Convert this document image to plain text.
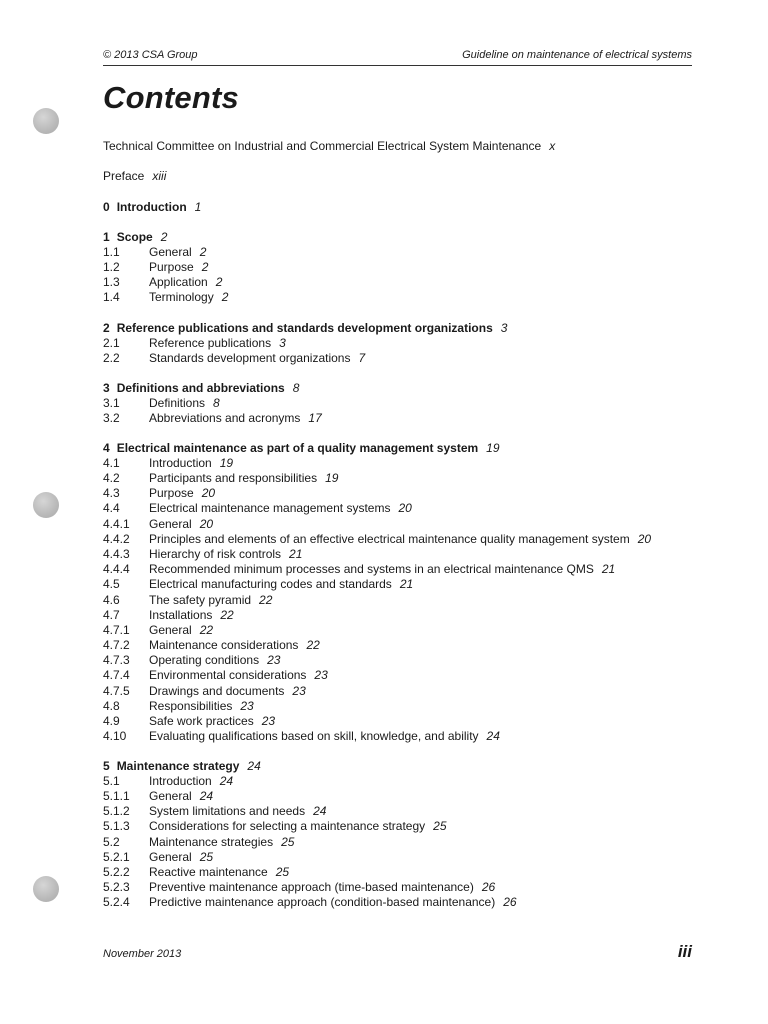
© 2013 CSA Group	Guideline on maintenance of electrical systems
Contents
Technical Committee on Industrial and Commercial Electrical System Maintenance x
Preface xiii
0 Introduction 1
1 Scope 2
1.1 General 2
1.2 Purpose 2
1.3 Application 2
1.4 Terminology 2
2 Reference publications and standards development organizations 3
2.1 Reference publications 3
2.2 Standards development organizations 7
3 Definitions and abbreviations 8
3.1 Definitions 8
3.2 Abbreviations and acronyms 17
4 Electrical maintenance as part of a quality management system 19
4.1 Introduction 19
4.2 Participants and responsibilities 19
4.3 Purpose 20
4.4 Electrical maintenance management systems 20
4.4.1 General 20
4.4.2 Principles and elements of an effective electrical maintenance quality management system 20
4.4.3 Hierarchy of risk controls 21
4.4.4 Recommended minimum processes and systems in an electrical maintenance QMS 21
4.5 Electrical manufacturing codes and standards 21
4.6 The safety pyramid 22
4.7 Installations 22
4.7.1 General 22
4.7.2 Maintenance considerations 22
4.7.3 Operating conditions 23
4.7.4 Environmental considerations 23
4.7.5 Drawings and documents 23
4.8 Responsibilities 23
4.9 Safe work practices 23
4.10 Evaluating qualifications based on skill, knowledge, and ability 24
5 Maintenance strategy 24
5.1 Introduction 24
5.1.1 General 24
5.1.2 System limitations and needs 24
5.1.3 Considerations for selecting a maintenance strategy 25
5.2 Maintenance strategies 25
5.2.1 General 25
5.2.2 Reactive maintenance 25
5.2.3 Preventive maintenance approach (time-based maintenance) 26
5.2.4 Predictive maintenance approach (condition-based maintenance) 26
November 2013	iii
